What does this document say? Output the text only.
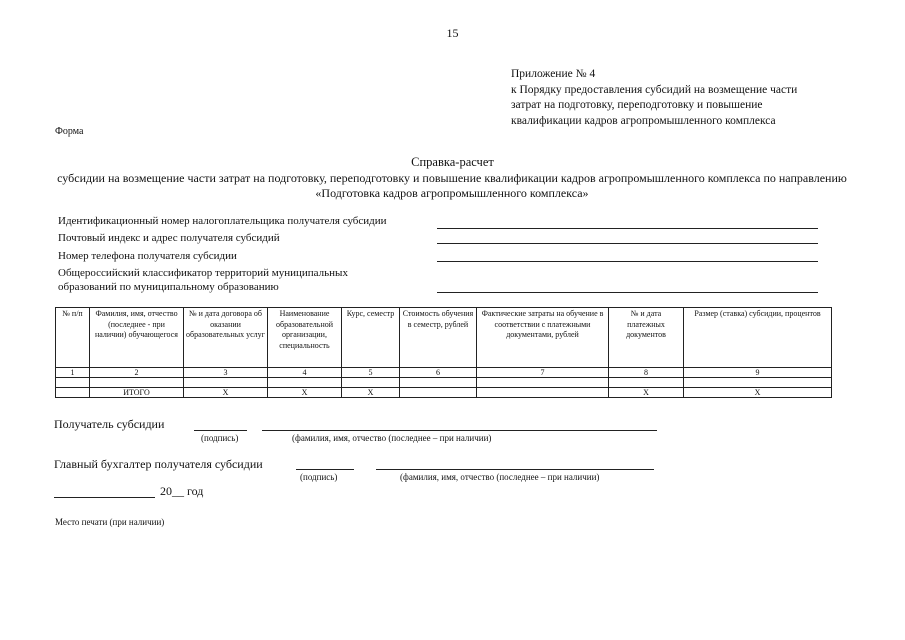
15
Приложение № 4
к Порядку предоставления субсидий на возмещение части
затрат на подготовку, переподготовку и повышение
квалификации кадров агропромышленного комплекса
Форма
Справка-расчет
субсидии на возмещение части затрат на подготовку, переподготовку и повышение квалификации кадров агропромышленного комплекса по направлению «Подготовка кадров агропромышленного комплекса»
Идентификационный номер налогоплательщика получателя субсидии
Почтовый индекс и адрес получателя субсидий
Номер телефона получателя субсидии
Общероссийский классификатор территорий муниципальных образований по муниципальному образованию
№ п/п	Фамилия, имя, отчество (последнее - при наличии) обучающегося	№ и дата договора об оказании образовательных услуг	Наименование образовательной организации, специальность	Курс, семестр	Стоимость обучения в семестр, рублей	Фактические затраты на обучение в соответствии с платежными документами, рублей	№ и дата платежных документов	Размер (ставка) субсидии, процентов
1	2	3	4	5	6	7	8	9

	ИТОГО	Х	Х	Х			Х	Х
Получатель субсидии
(подпись)	(фамилия, имя, отчество (последнее – при наличии)
Главный бухгалтер получателя субсидии
(подпись)	(фамилия, имя, отчество (последнее – при наличии)
20__ год
Место печати (при наличии)
